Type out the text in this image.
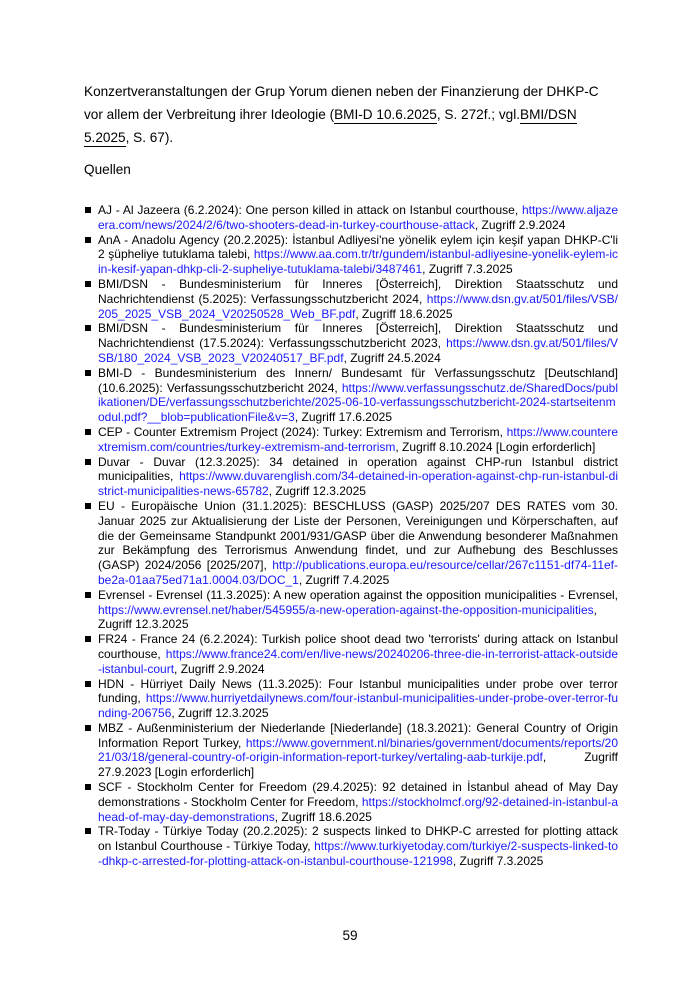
Konzertveranstaltungen der Grup Yorum dienen neben der Finanzierung der DHKP-C vor allem der Verbreitung ihrer Ideologie (BMI-D 10.6.2025, S. 272f.; vgl.BMI/DSN 5.2025, S. 67).

Quellen

AJ - Al Jazeera (6.2.2024): One person killed in attack on Istanbul courthouse, https://www.aljazeera.com/news/2024/2/6/two-shooters-dead-in-turkey-courthouse-attack, Zugriff 2.9.2024
AnA - Anadolu Agency (20.2.2025): İstanbul Adliyesi'ne yönelik eylem için keşif yapan DHKP-C'li 2 şüpheliye tutuklama talebi, https://www.aa.com.tr/tr/gundem/istanbul-adliyesine-yonelik-eylem-icin-kesif-yapan-dhkp-cli-2-supheliye-tutuklama-talebi/3487461, Zugriff 7.3.2025
BMI/DSN - Bundesministerium für Inneres [Österreich], Direktion Staatsschutz und Nachrichtendienst (5.2025): Verfassungsschutzbericht 2024, https://www.dsn.gv.at/501/files/VSB/205_2025_VSB_2024_V20250528_Web_BF.pdf, Zugriff 18.6.2025
BMI/DSN - Bundesministerium für Inneres [Österreich], Direktion Staatsschutz und Nachrichtendienst (17.5.2024): Verfassungsschutzbericht 2023, https://www.dsn.gv.at/501/files/VSB/180_2024_VSB_2023_V20240517_BF.pdf, Zugriff 24.5.2024
BMI-D - Bundesministerium des Innern/ Bundesamt für Verfassungsschutz [Deutschland] (10.6.2025): Verfassungsschutzbericht 2024, https://www.verfassungsschutz.de/SharedDocs/publikationen/DE/verfassungsschutzberichte/2025-06-10-verfassungsschutzbericht-2024-startseitenmodul.pdf?__blob=publicationFile&v=3, Zugriff 17.6.2025
CEP - Counter Extremism Project (2024): Turkey: Extremism and Terrorism, https://www.counterextremism.com/countries/turkey-extremism-and-terrorism, Zugriff 8.10.2024 [Login erforderlich]
Duvar - Duvar (12.3.2025): 34 detained in operation against CHP-run Istanbul district municipalities, https://www.duvarenglish.com/34-detained-in-operation-against-chp-run-istanbul-district-municipalities-news-65782, Zugriff 12.3.2025
EU - Europäische Union (31.1.2025): BESCHLUSS (GASP) 2025/207 DES RATES vom 30. Januar 2025 zur Aktualisierung der Liste der Personen, Vereinigungen und Körperschaften, auf die der Gemeinsame Standpunkt 2001/931/GASP über die Anwendung besonderer Maßnahmen zur Bekämpfung des Terrorismus Anwendung findet, und zur Aufhebung des Beschlusses (GASP) 2024/2056 [2025/207], http://publications.europa.eu/resource/cellar/267c1151-df74-11ef-be2a-01aa75ed71a1.0004.03/DOC_1, Zugriff 7.4.2025
Evrensel - Evrensel (11.3.2025): A new operation against the opposition municipalities - Evrensel, https://www.evrensel.net/haber/545955/a-new-operation-against-the-opposition-municipalities, Zugriff 12.3.2025
FR24 - France 24 (6.2.2024): Turkish police shoot dead two 'terrorists' during attack on Istanbul courthouse, https://www.france24.com/en/live-news/20240206-three-die-in-terrorist-attack-outside-istanbul-court, Zugriff 2.9.2024
HDN - Hürriyet Daily News (11.3.2025): Four Istanbul municipalities under probe over terror funding, https://www.hurriyetdailynews.com/four-istanbul-municipalities-under-probe-over-terror-funding-206756, Zugriff 12.3.2025
MBZ - Außenministerium der Niederlande [Niederlande] (18.3.2021): General Country of Origin Information Report Turkey, https://www.government.nl/binaries/government/documents/reports/2021/03/18/general-country-of-origin-information-report-turkey/vertaling-aab-turkije.pdf, Zugriff 27.9.2023 [Login erforderlich]
SCF - Stockholm Center for Freedom (29.4.2025): 92 detained in İstanbul ahead of May Day demonstrations - Stockholm Center for Freedom, https://stockholmcf.org/92-detained-in-istanbul-ahead-of-may-day-demonstrations, Zugriff 18.6.2025
TR-Today - Türkiye Today (20.2.2025): 2 suspects linked to DHKP-C arrested for plotting attack on Istanbul Courthouse - Türkiye Today, https://www.turkiyetoday.com/turkiye/2-suspects-linked-to-dhkp-c-arrested-for-plotting-attack-on-istanbul-courthouse-121998, Zugriff 7.3.2025
59
